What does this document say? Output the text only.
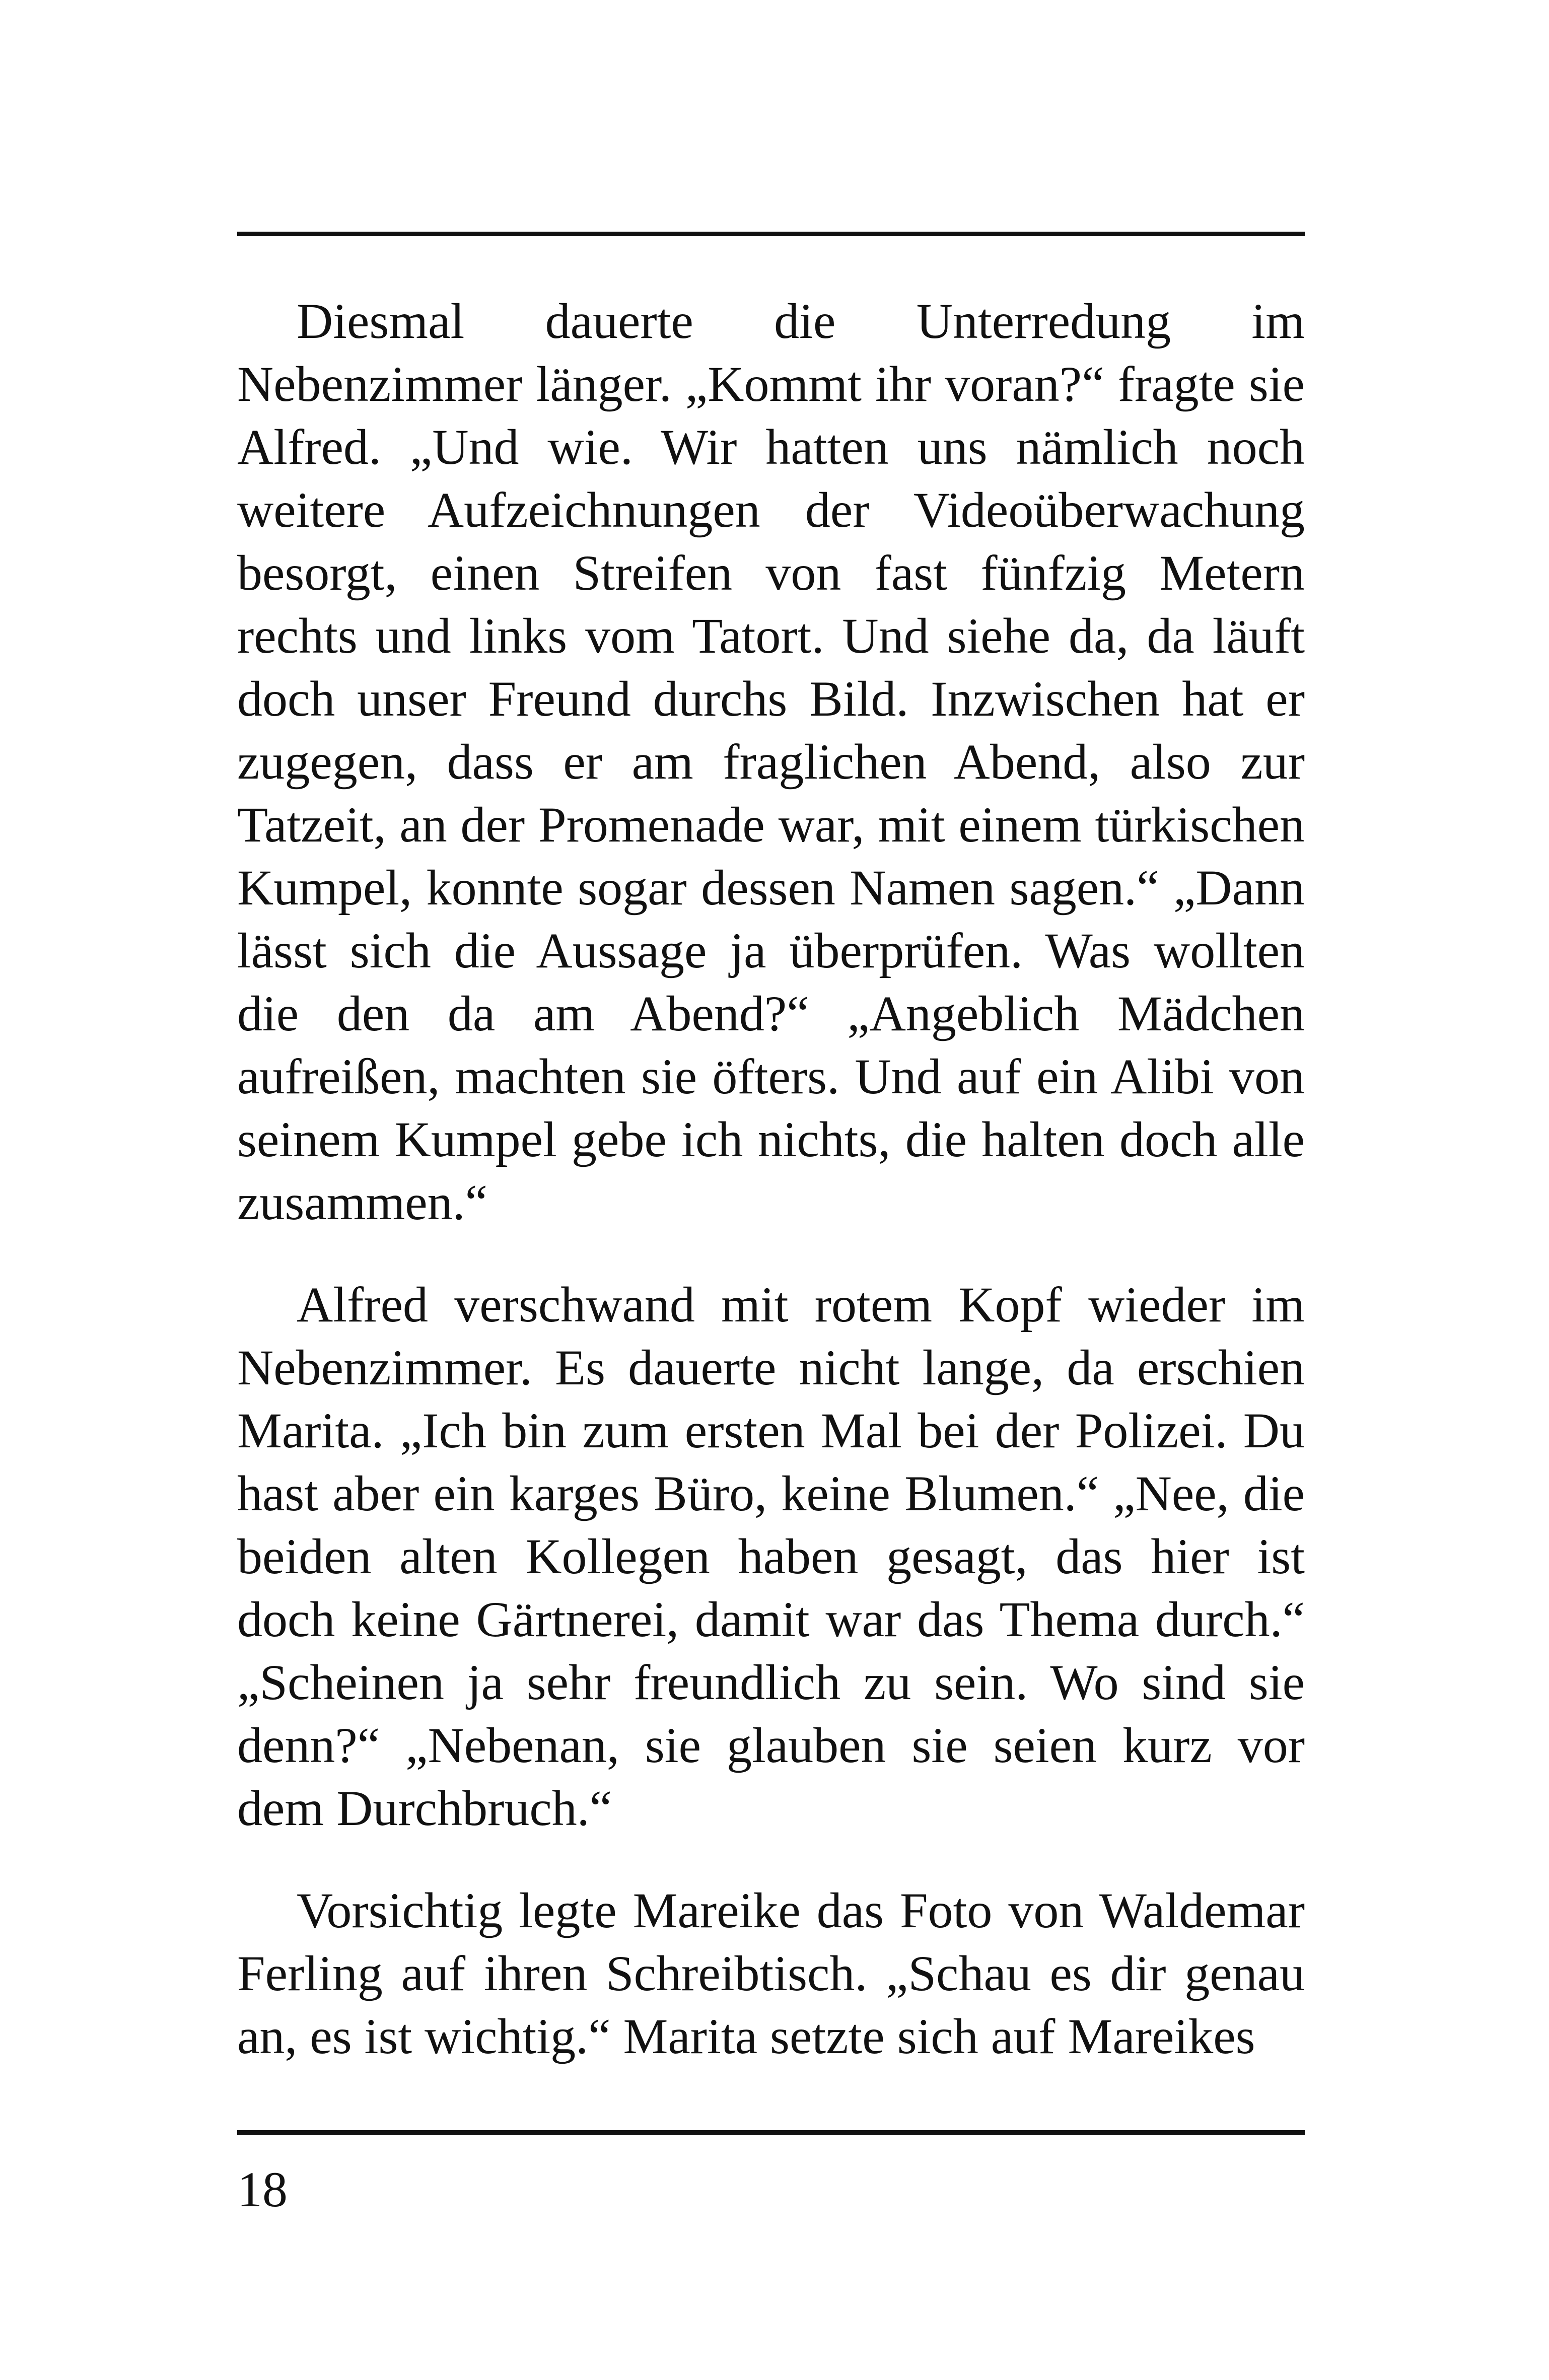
Diesmal dauerte die Unterredung im Nebenzimmer länger. „Kommt ihr voran?“ fragte sie Alfred. „Und wie. Wir hatten uns nämlich noch weitere Aufzeichnungen der Videoüberwachung besorgt, einen Streifen von fast fünfzig Metern rechts und links vom Tatort. Und siehe da, da läuft doch unser Freund durchs Bild. Inzwischen hat er zugegen, dass er am fraglichen Abend, also zur Tatzeit, an der Promenade war, mit einem türkischen Kumpel, konnte sogar dessen Namen sagen.“ „Dann lässt sich die Aussage ja überprüfen. Was wollten die den da am Abend?“ „Angeblich Mädchen aufreißen, machten sie öfters. Und auf ein Alibi von seinem Kumpel gebe ich nichts, die halten doch alle zusammen.“

Alfred verschwand mit rotem Kopf wieder im Nebenzimmer. Es dauerte nicht lange, da erschien Marita. „Ich bin zum ersten Mal bei der Polizei. Du hast aber ein karges Büro, keine Blumen.“ „Nee, die beiden alten Kollegen haben gesagt, das hier ist doch keine Gärtnerei, damit war das Thema durch.“ „Scheinen ja sehr freundlich zu sein. Wo sind sie denn?“ „Nebenan, sie glauben sie seien kurz vor dem Durchbruch.“

Vorsichtig legte Mareike das Foto von Waldemar Ferling auf ihren Schreibtisch. „Schau es dir genau an, es ist wichtig.“ Marita setzte sich auf Mareikes

18
